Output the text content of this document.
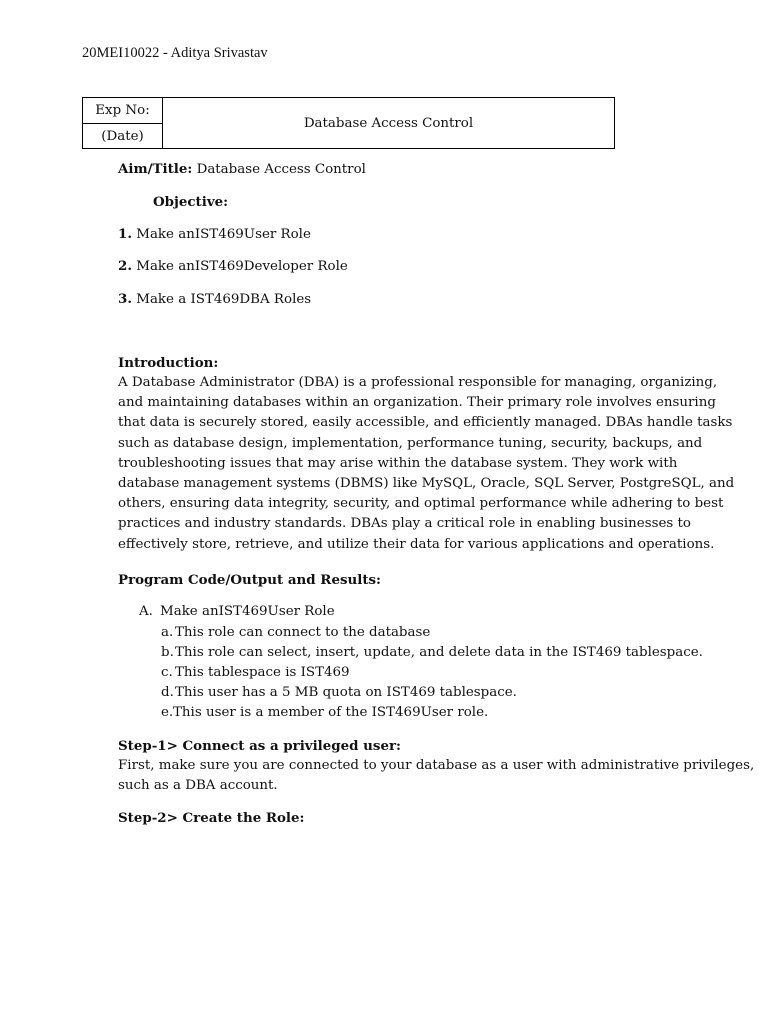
20MEI10022 - Aditya Srivastav
Exp No:
(Date)
Database Access Control
Aim/Title: Database Access Control
Objective:
1. Make anIST469User Role
2. Make anIST469Developer Role
3. Make a IST469DBA Roles
Introduction:
A Database Administrator (DBA) is a professional responsible for managing, organizing,
and maintaining databases within an organization. Their primary role involves ensuring
that data is securely stored, easily accessible, and efficiently managed. DBAs handle tasks
such as database design, implementation, performance tuning, security, backups, and
troubleshooting issues that may arise within the database system. They work with
database management systems (DBMS) like MySQL, Oracle, SQL Server, PostgreSQL, and
others, ensuring data integrity, security, and optimal performance while adhering to best
practices and industry standards. DBAs play a critical role in enabling businesses to
effectively store, retrieve, and utilize their data for various applications and operations.
Program Code/Output and Results:
A. Make anIST469User Role
a. This role can connect to the database
b.This role can select, insert, update, and delete data in the IST469 tablespace.
c. This tablespace is IST469
d.This user has a 5 MB quota on IST469 tablespace.
e.This user is a member of the IST469User role.
Step-1> Connect as a privileged user:
First, make sure you are connected to your database as a user with administrative privileges,
such as a DBA account.
Step-2> Create the Role:
